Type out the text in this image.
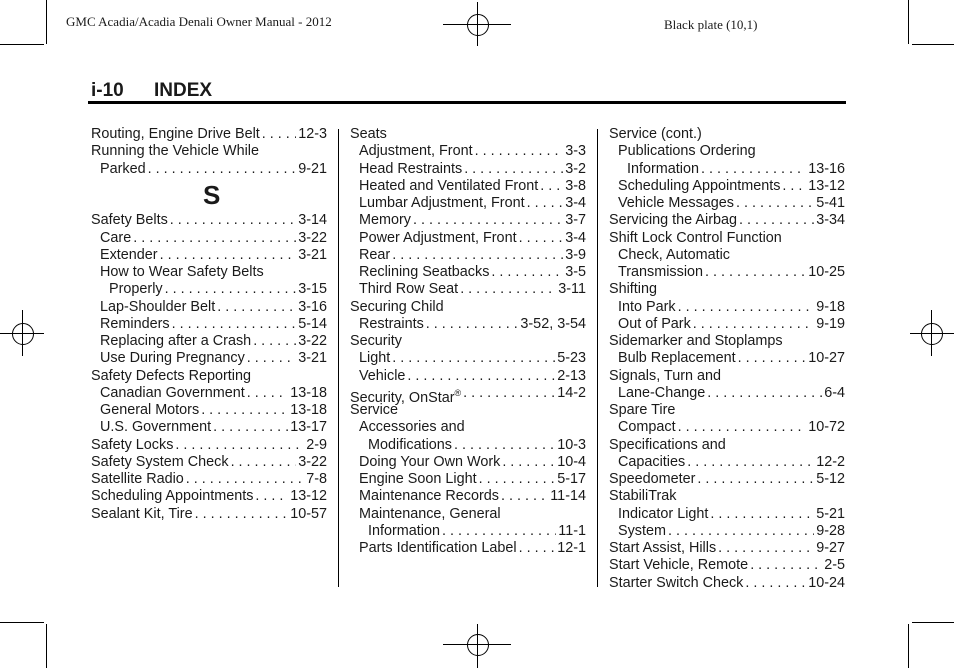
GMC Acadia/Acadia Denali Owner Manual - 2012	Black plate (10,1)
i-10 INDEX
Routing, Engine Drive Belt . . .	12-3
Running the Vehicle While
Parked . . .	9-21
S
Safety Belts . . .	3-14
Care . . .	3-22
Extender . . .	3-21
How to Wear Safety Belts
Properly . . .	3-15
Lap-Shoulder Belt . . .	3-16
Reminders . . .	5-14
Replacing after a Crash . . .	3-22
Use During Pregnancy . . .	3-21
Safety Defects Reporting
Canadian Government . . .	13-18
General Motors . . .	13-18
U.S. Government . . .	13-17
Safety Locks . . .	2-9
Safety System Check . . .	3-22
Satellite Radio . . .	7-8
Scheduling Appointments . . .	13-12
Sealant Kit, Tire . . .	10-57
Seats
Adjustment, Front . . .	3-3
Head Restraints . . .	3-2
Heated and Ventilated Front . . . 3-8
Lumbar Adjustment, Front . . .	3-4
Memory . . .	3-7
Power Adjustment, Front . . .	3-4
Rear . . .	3-9
Reclining Seatbacks . . .	3-5
Third Row Seat . . .	3-11
Securing Child
Restraints . . .	3-52, 3-54
Security
Light . . .	5-23
Vehicle . . .	2-13
Security, OnStar® . . .	14-2
Service
Accessories and
Modifications . . .	10-3
Doing Your Own Work . . .	10-4
Engine Soon Light . . .	5-17
Maintenance Records . . .	11-14
Maintenance, General
Information . . .	11-1
Parts Identification Label . . .	12-1
Service (cont.)
Publications Ordering
Information . . .	13-16
Scheduling Appointments . . . 13-12
Vehicle Messages . . .	5-41
Servicing the Airbag . . .	3-34
Shift Lock Control Function
Check, Automatic
Transmission . . .	10-25
Shifting
Into Park . . .	9-18
Out of Park . . .	9-19
Sidemarker and Stoplamps
Bulb Replacement . . .	10-27
Signals, Turn and
Lane-Change . . .	6-4
Spare Tire
Compact . . .	10-72
Specifications and
Capacities . . .	12-2
Speedometer . . .	5-12
StabiliTrak
Indicator Light . . .	5-21
System . . .	9-28
Start Assist, Hills . . .	9-27
Start Vehicle, Remote . . .	2-5
Starter Switch Check . . .	10-24
